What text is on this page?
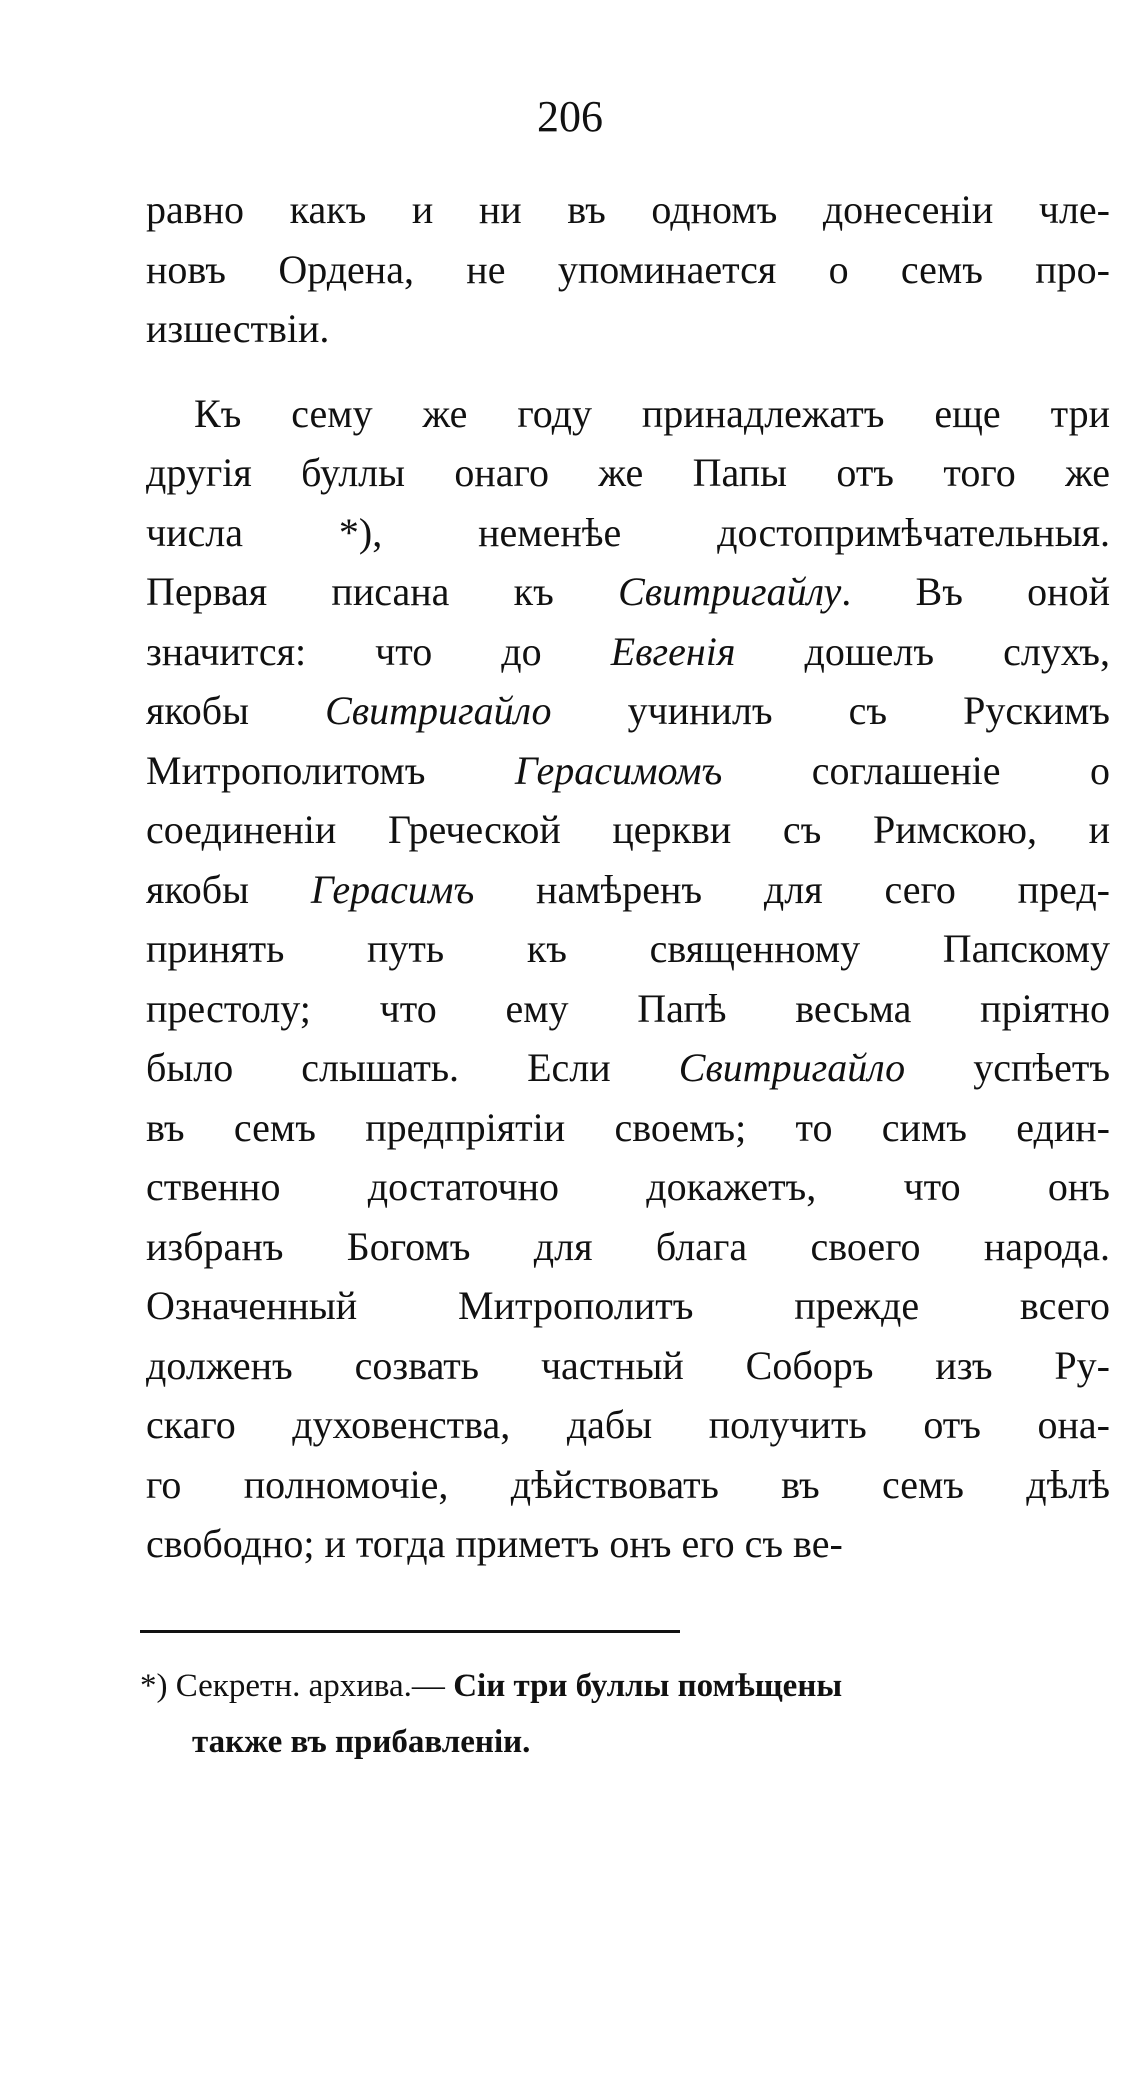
206
равно какъ и ни въ одномъ донесеніи чле-
новъ Ордена, не упоминается о семъ про-
изшествіи.
Къ сему же году принадлежатъ еще три
другія буллы онаго же Папы отъ того же
числа *), неменѣе достопримѣчательныя.
Первая писана къ Свитригайлу. Въ оной
значится: что до Евгенія дошелъ слухъ,
якобы Свитригайло учинилъ съ Рускимъ
Митрополитомъ Герасимомъ соглашеніе о
соединеніи Греческой церкви съ Римскою, и
якобы Герасимъ намѣренъ для сего пред-
принять путь къ священному Папскому
престолу; что ему Папѣ весьма пріятно
было слышать. Если Свитригайло успѣетъ
въ семъ предпріятіи своемъ; то симъ един-
ственно достаточно докажетъ, что онъ
избранъ Богомъ для блага своего народа.
Означенный Митрополитъ прежде всего
долженъ созвать частный Соборъ изъ Ру-
скаго духовенства, дабы получить отъ она-
го полномочіе, дѣйствовать въ семъ дѣлѣ
свободно; и тогда приметъ онъ его съ ве-
*) Секретн. архива.— Сіи три буллы помѣщены
также въ прибавленіи.
